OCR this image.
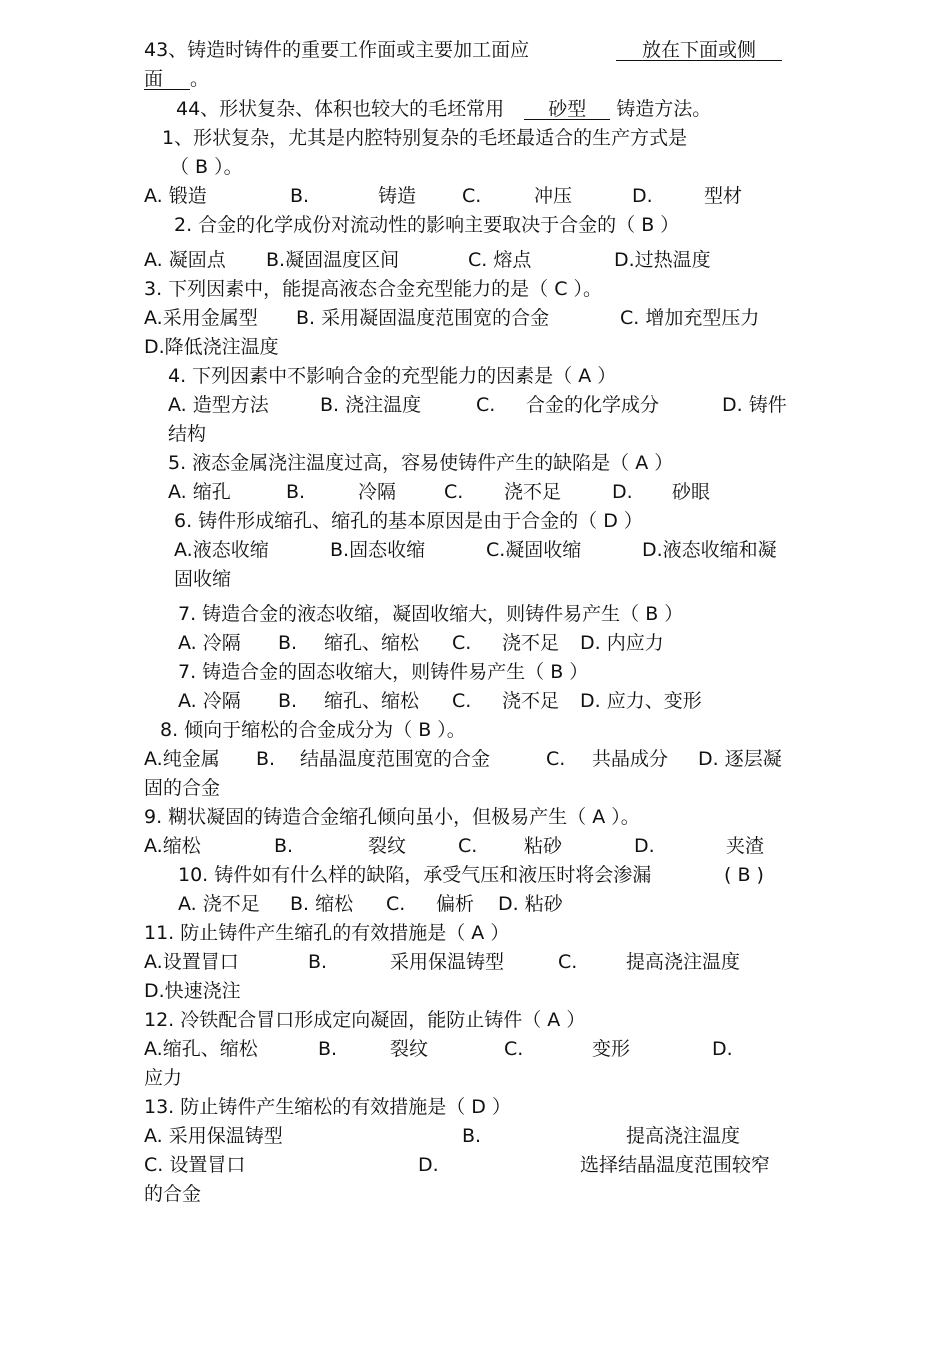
43、铸造时铸件的重要工作面或主要加工面应	放在下面或侧
面 。
44、形状复杂、体积也较大的毛坯常用 砂型 铸造方法。
1、形状复杂，尤其是内腔特别复杂的毛坯最适合的生产方式是
（ B ）。
A. 锻造	B.	铸造 C.	冲压	D.	型材
2. 合金的化学成份对流动性的影响主要取决于合金的（ B ）
A. 凝固点 B.凝固温度区间	C. 熔点	D.过热温度
3. 下列因素中，能提高液态合金充型能力的是（ C ）。
A.采用金属型 B. 采用凝固温度范围宽的合金	C. 增加充型压力
D.降低浇注温度
4. 下列因素中不影响合金的充型能力的因素是（ A ）
A. 造型方法	B. 浇注温度	C. 合金的化学成分	D. 铸件
结构
5. 液态金属浇注温度过高，容易使铸件产生的缺陷是（ A ）
A. 缩孔	B.	冷隔	C. 浇不足	D. 砂眼
6. 铸件形成缩孔、缩孔的基本原因是由于合金的（ D ）
A.液态收缩	B.固态收缩	C.凝固收缩	D.液态收缩和凝
固收缩
7. 铸造合金的液态收缩，凝固收缩大，则铸件易产生（ B ）
A. 冷隔 B. 缩孔、缩松 C. 浇不足 D. 内应力
7. 铸造合金的固态收缩大，则铸件易产生（ B ）
A. 冷隔 B. 缩孔、缩松 C. 浇不足 D. 应力、变形
8. 倾向于缩松的合金成分为（ B ）。
A.纯金属 B. 结晶温度范围宽的合金	C. 共晶成分 D. 逐层凝
固的合金
9. 糊状凝固的铸造合金缩孔倾向虽小，但极易产生（ A ）。
A.缩松	B.	裂纹	C. 粘砂	D.	夹渣
10. 铸件如有什么样的缺陷，承受气压和液压时将会渗漏	( B )
A. 浇不足 B. 缩松 C. 偏析 D. 粘砂
11. 防止铸件产生缩孔的有效措施是（ A ）
A.设置冒口	B.	采用保温铸型	C.	提高浇注温度
D.快速浇注
12. 冷铁配合冒口形成定向凝固，能防止铸件（ A ）
A.缩孔、缩松	B.	裂纹	C.	变形	D.
应力
13. 防止铸件产生缩松的有效措施是（ D ）
A. 采用保温铸型	B.	提高浇注温度
C. 设置冒口	D.	选择结晶温度范围较窄
的合金
